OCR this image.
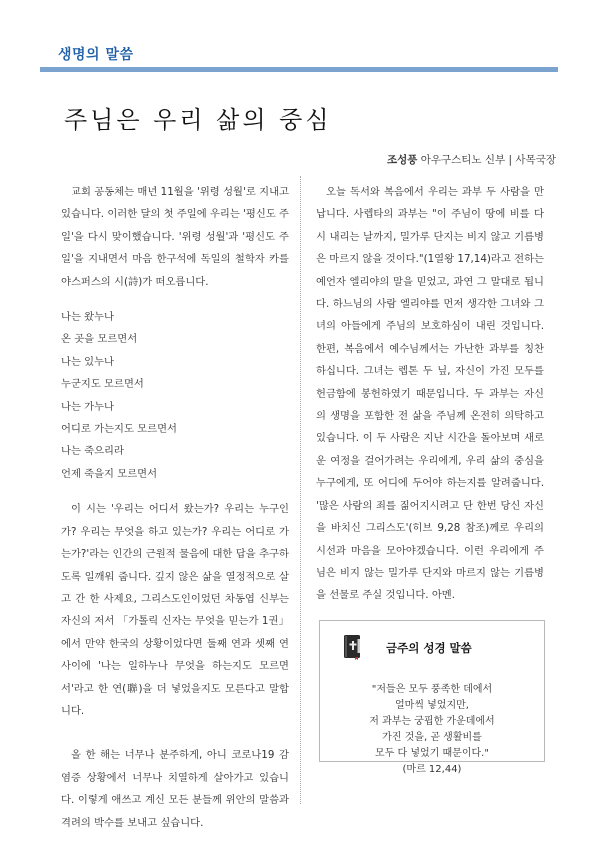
생명의 말씀
주님은 우리 삶의 중심
조성풍 아우구스티노 신부 | 사목국장

교회 공동체는 매년 11월을 '위령 성월'로 지내고 있습니다. 이러한 달의 첫 주일에 우리는 '평신도 주일'을 다시 맞이했습니다. '위령 성월'과 '평신도 주일'을 지내면서 마음 한구석에 독일의 철학자 카를 야스퍼스의 시(詩)가 떠오릅니다.

나는 왔누나
온 곳을 모르면서
나는 있누나
누군지도 모르면서
나는 가누나
어디로 가는지도 모르면서
나는 죽으리라
언제 죽을지 모르면서

이 시는 '우리는 어디서 왔는가? 우리는 누구인가? 우리는 무엇을 하고 있는가? 우리는 어디로 가는가?'라는 인간의 근원적 물음에 대한 답을 추구하도록 일깨워 줍니다. 깊지 않은 삶을 열정적으로 살고 간 한 사제요, 그리스도인이었던 차동엽 신부는 자신의 저서 「가톨릭 신자는 무엇을 믿는가 1권」에서 만약 한국의 상황이었다면 둘째 연과 셋째 연 사이에 '나는 일하누나 무엇을 하는지도 모르면서'라고 한 연(聯)을 더 넣었을지도 모른다고 말합니다.

올 한 해는 너무나 분주하게, 아니 코로나19 감염증 상황에서 너무나 치열하게 살아가고 있습니다. 이렇게 애쓰고 계신 모든 분들께 위안의 말씀과 격려의 박수를 보내고 싶습니다.

오늘 독서와 복음에서 우리는 과부 두 사람을 만납니다. 사렙타의 과부는 "이 주님이 땅에 비를 다시 내리는 날까지, 밀가루 단지는 비지 않고 기름병은 마르지 않을 것이다."(1열왕 17,14)라고 전하는 예언자 엘리야의 말을 믿었고, 과연 그 말대로 됩니다. 하느님의 사람 엘리야를 먼저 생각한 그녀와 그녀의 아들에게 주님의 보호하심이 내린 것입니다. 한편, 복음에서 예수님께서는 가난한 과부를 칭찬하십니다. 그녀는 렙톤 두 닢, 자신이 가진 모두를 헌금함에 봉헌하였기 때문입니다. 두 과부는 자신의 생명을 포함한 전 삶을 주님께 온전히 의탁하고 있습니다. 이 두 사람은 지난 시간을 돌아보며 새로운 여정을 걸어가려는 우리에게, 우리 삶의 중심을 누구에게, 또 어디에 두어야 하는지를 알려줍니다. '많은 사람의 죄를 짊어지시려고 단 한번 당신 자신을 바치신 그리스도'(히브 9,28 참조)께로 우리의 시선과 마음을 모아야겠습니다. 이런 우리에게 주님은 비지 않는 밀가루 단지와 마르지 않는 기름병을 선물로 주실 것입니다. 아멘.

금주의 성경 말씀
"저들은 모두 풍족한 데에서
얼마씩 넣었지만,
저 과부는 궁핍한 가운데에서
가진 것을, 곧 생활비를
모두 다 넣었기 때문이다."
(마르 12,44)
